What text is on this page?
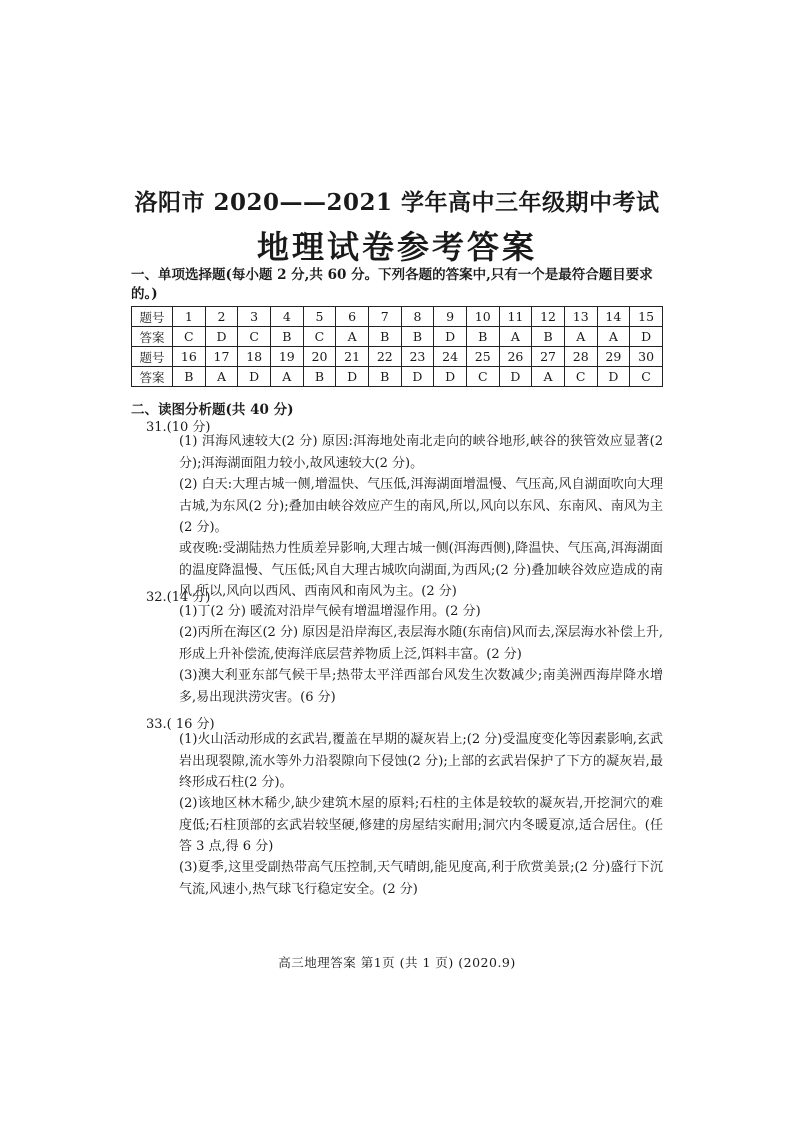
洛阳市 2020——2021 学年高中三年级期中考试
地理试卷参考答案
一、单项选择题(每小题 2 分,共 60 分。下列各题的答案中,只有一个是最符合题目要求的。)
题号	1	2	3	4	5	6	7	8	9	10	11	12	13	14	15
答案	C	D	C	B	C	A	B	B	D	B	A	B	A	A	D
题号	16	17	18	19	20	21	22	23	24	25	26	27	28	29	30
答案	B	A	D	A	B	D	B	D	D	C	D	A	C	D	C
二、读图分析题(共 40 分)
31.(10 分)
(1) 洱海风速较大(2 分) 原因:洱海地处南北走向的峡谷地形,峡谷的狭管效应显著(2 分);洱海湖面阻力较小,故风速较大(2 分)。
(2) 白天:大理古城一侧,增温快、气压低,洱海湖面增温慢、气压高,风自湖面吹向大理古城,为东风(2 分);叠加由峡谷效应产生的南风,所以,风向以东风、东南风、南风为主(2 分)。
或夜晚:受湖陆热力性质差异影响,大理古城一侧(洱海西侧),降温快、气压高,洱海湖面的温度降温慢、气压低;风自大理古城吹向湖面,为西风;(2 分)叠加峡谷效应造成的南风,所以,风向以西风、西南风和南风为主。(2 分)
32.(14 分)
(1)丁(2 分) 暖流对沿岸气候有增温增湿作用。(2 分)
(2)丙所在海区(2 分) 原因是沿岸海区,表层海水随(东南信)风而去,深层海水补偿上升,形成上升补偿流,使海洋底层营养物质上泛,饵料丰富。(2 分)
(3)澳大利亚东部气候干旱;热带太平洋西部台风发生次数减少;南美洲西海岸降水增多,易出现洪涝灾害。(6 分)
33.( 16 分)
(1)火山活动形成的玄武岩,覆盖在早期的凝灰岩上;(2 分)受温度变化等因素影响,玄武岩出现裂隙,流水等外力沿裂隙向下侵蚀(2 分);上部的玄武岩保护了下方的凝灰岩,最终形成石柱(2 分)。
(2)该地区林木稀少,缺少建筑木屋的原料;石柱的主体是较软的凝灰岩,开挖洞穴的难度低;石柱顶部的玄武岩较坚硬,修建的房屋结实耐用;洞穴内冬暖夏凉,适合居住。(任答 3 点,得 6 分)
(3)夏季,这里受副热带高气压控制,天气晴朗,能见度高,利于欣赏美景;(2 分)盛行下沉气流,风速小,热气球飞行稳定安全。(2 分)
高三地理答案 第1页 (共 1 页) (2020.9)
